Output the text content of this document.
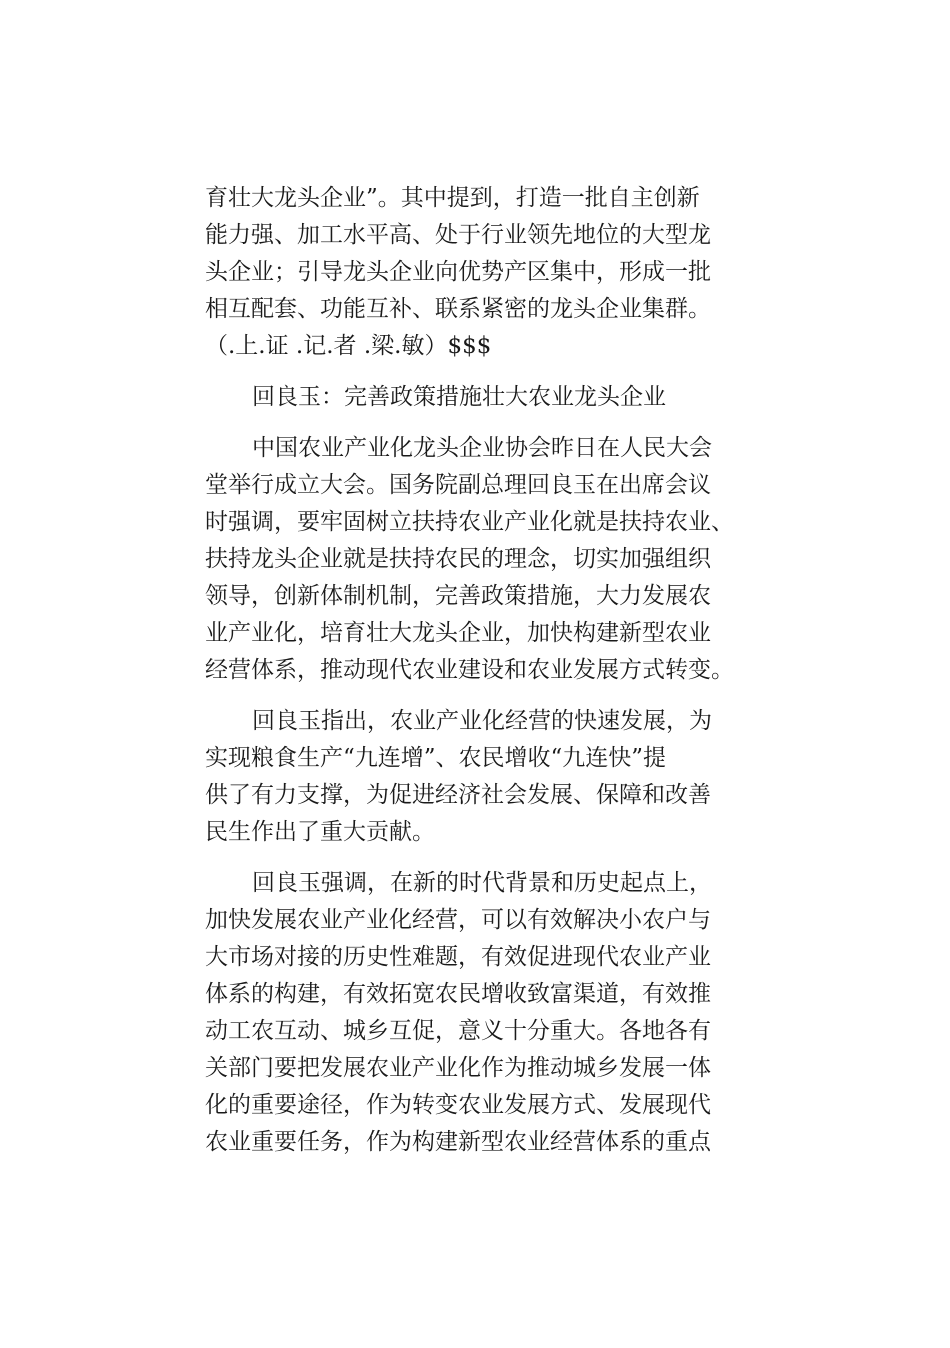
育壮大龙头企业”。其中提到，打造一批自主创新
能力强、加工水平高、处于行业领先地位的大型龙
头企业；引导龙头企业向优势产区集中，形成一批
相互配套、功能互补、联系紧密的龙头企业集群。
（.上.证 .记.者 .梁.敏）$$$
回良玉：完善政策措施壮大农业龙头企业
中国农业产业化龙头企业协会昨日在人民大会
堂举行成立大会。国务院副总理回良玉在出席会议
时强调，要牢固树立扶持农业产业化就是扶持农业、
扶持龙头企业就是扶持农民的理念，切实加强组织
领导，创新体制机制，完善政策措施，大力发展农
业产业化，培育壮大龙头企业，加快构建新型农业
经营体系，推动现代农业建设和农业发展方式转变。
回良玉指出，农业产业化经营的快速发展，为
实现粮食生产“九连增”、农民增收“九连快”提
供了有力支撑，为促进经济社会发展、保障和改善
民生作出了重大贡献。
回良玉强调，在新的时代背景和历史起点上，
加快发展农业产业化经营，可以有效解决小农户与
大市场对接的历史性难题，有效促进现代农业产业
体系的构建，有效拓宽农民增收致富渠道，有效推
动工农互动、城乡互促，意义十分重大。各地各有
关部门要把发展农业产业化作为推动城乡发展一体
化的重要途径，作为转变农业发展方式、发展现代
农业重要任务，作为构建新型农业经营体系的重点
